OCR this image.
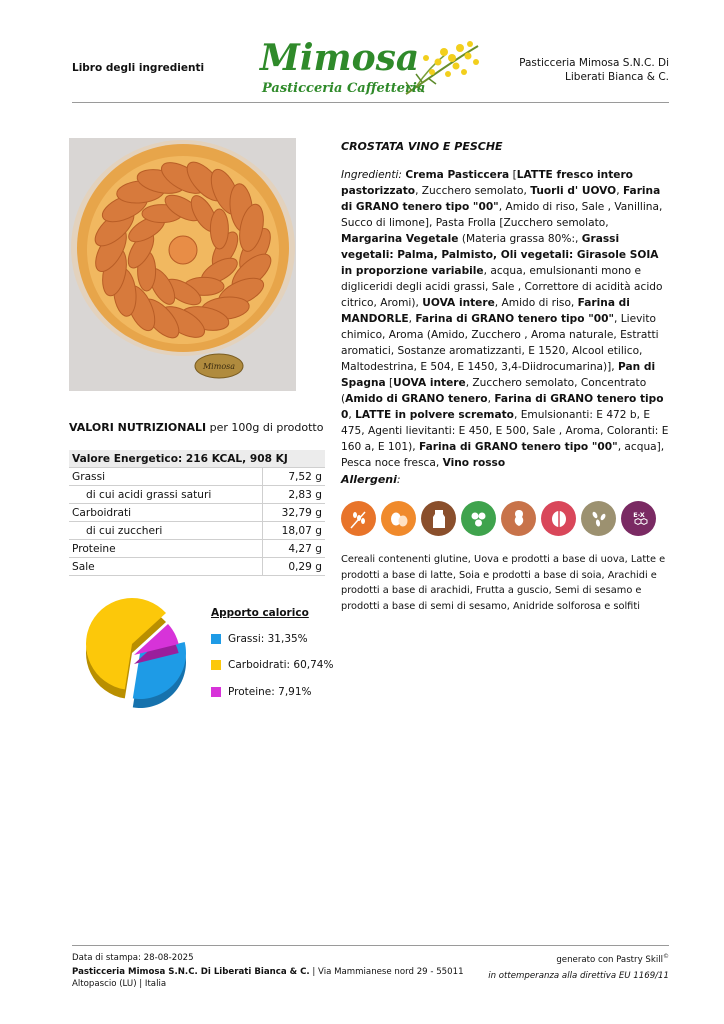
Libro degli ingredienti Mimosa
Pasticceria Caffetteria
Pasticceria Mimosa S.N.C. Di
Liberati Bianca & C.
Mimosa
CROSTATA VINO E PESCHE
Ingredienti: Crema Pasticcera [LATTE fresco intero pastorizzato, Zucchero semolato, Tuorli d' UOVO, Farina di GRANO tenero tipo "00", Amido di riso, Sale , Vanillina, Succo di limone], Pasta Frolla [Zucchero semolato, Margarina Vegetale (Materia grassa 80%:, Grassi vegetali: Palma, Palmisto, Oli vegetali: Girasole SOIA in proporzione variabile, acqua, emulsionanti mono e digliceridi degli acidi grassi, Sale , Correttore di acidità acido citrico, Aromi), UOVA intere, Amido di riso, Farina di MANDORLE, Farina di GRANO tenero tipo "00", Lievito chimico, Aroma (Amido, Zucchero , Aroma naturale, Estratti aromatici, Sostanze aromatizzanti, E 1520, Alcool etilico, Maltodestrina, E 504, E 1450, 3,4-Diidrocumarina)], Pan di Spagna [UOVA intere, Zucchero semolato, Concentrato (Amido di GRANO tenero, Farina di GRANO tenero tipo 0, LATTE in polvere scremato, Emulsionanti: E 472 b, E 475, Agenti lievitanti: E 450, E 500, Sale , Aroma, Coloranti: E 160 a, E 101), Farina di GRANO tenero tipo "00", acqua], Pesca noce fresca, Vino rosso
Allergeni:
E-X
Cereali contenenti glutine, Uova e prodotti a base di uova, Latte e prodotti a base di latte, Soia e prodotti a base di soia, Arachidi e prodotti a base di arachidi, Frutta a guscio, Semi di sesamo e prodotti a base di semi di sesamo, Anidride solforosa e solfiti
VALORI NUTRIZIONALI per 100g di prodotto
Valore Energetico: 216 KCAL, 908 KJ	
Grassi	7,52 g
di cui acidi grassi saturi	2,83 g
Carboidrati	32,79 g
di cui zuccheri	18,07 g
Proteine	4,27 g
Sale	0,29 g
Apporto calorico
Grassi: 31,35%
Carboidrati: 60,74%
Proteine: 7,91%
Data di stampa: 28-08-2025	generato con Pastry Skill©
Pasticceria Mimosa S.N.C. Di Liberati Bianca & C. | Via Mammianese nord 29 - 55011 Altopascio (LU) | Italia
in ottemperanza alla direttiva EU 1169/11
